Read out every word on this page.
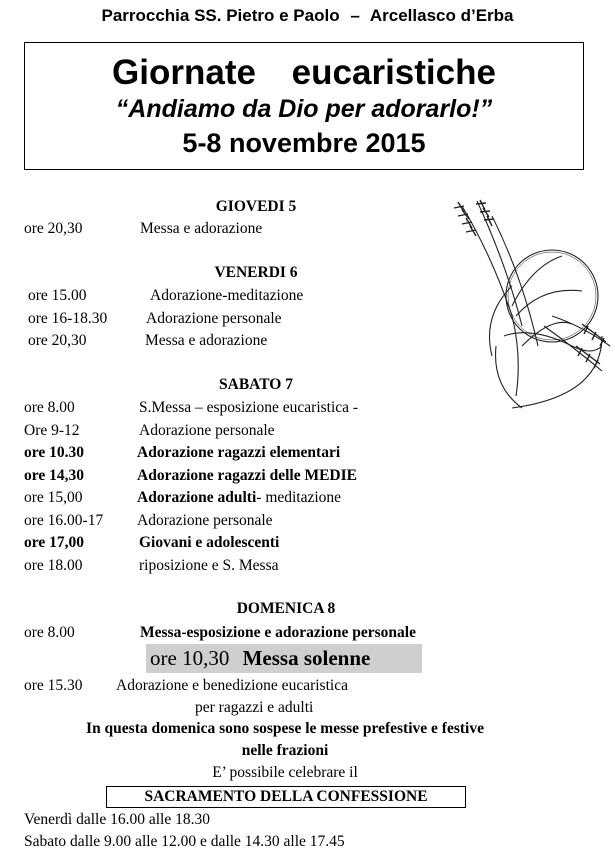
Parrocchia SS. Pietro e Paolo – Arcellasco d’Erba
Giornate eucaristiche
“Andiamo da Dio per adorarlo!”
5-8 novembre 2015
GIOVEDI 5
ore 20,30	Messa e adorazione
VENERDI 6
ore 15.00	Adorazione-meditazione
ore 16-18.30	Adorazione personale
ore 20,30	Messa e adorazione
SABATO 7
ore 8.00	S.Messa – esposizione eucaristica -
Ore 9-12	Adorazione personale
ore 10.30	Adorazione ragazzi elementari
ore 14,30	Adorazione ragazzi delle MEDIE
ore 15,00	Adorazione adulti- meditazione
ore 16.00-17 Adorazione personale
ore 17,00	Giovani e adolescenti
ore 18.00	riposizione e S. Messa
DOMENICA 8
ore 8.00	Messa-esposizione e adorazione personale
ore 10,30 Messa solenne
ore 15.30 Adorazione e benedizione eucaristica
per ragazzi e adulti
In questa domenica sono sospese le messe prefestive e festive
nelle frazioni
E’ possibile celebrare il
SACRAMENTO DELLA CONFESSIONE
Venerdì dalle 16.00 alle 18.30
Sabato dalle 9.00 alle 12.00 e dalle 14.30 alle 17.45
